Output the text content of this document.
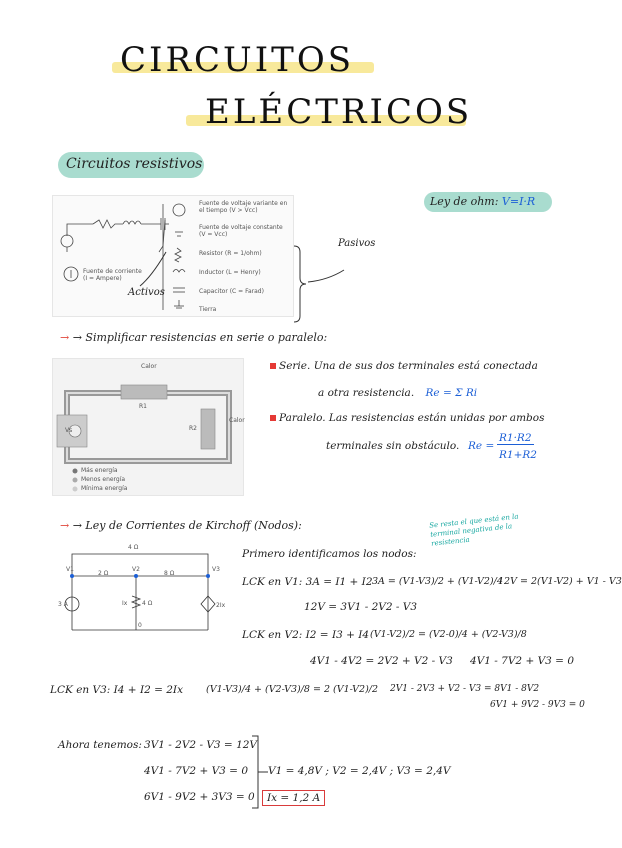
CIRCUITOS
ELÉCTRICOS
Circuitos resistivos
Ley de ohm: V=I·R
Fuente de voltaje variante en el tiempo (V > Vcc)
Fuente de voltaje constante (V = Vcc)
Resistor (R = 1/ohm)
Inductor (L = Henry)
Capacitor (C = Farad)
Tierra
Fuente de corriente (I = Ampere)
Pasivos
Activos
→ → Simplificar resistencias en serie o paralelo:
Calor
Calor
R1
R2
Vs
Más energía
Menos energía
Mínima energía
Serie. Una de sus dos terminales está conectada
a otra resistencia. Re = Σ Ri
Paralelo. Las resistencias están unidas por ambos
terminales sin obstáculo. Re =
R1·R2
R1+R2
→ → Ley de Corrientes de Kirchoff (Nodos):	Se resta el que está en la terminal negativa de la resistencia
4 Ω
2 Ω	8 Ω
4 Ω
3 A
V1	V2	V3
Ix	2Ix
0
Primero identificamos los nodos:
LCK en V1: 3A = I1 + I2 3A = (V1-V3)/2 + (V1-V2)/4
12V = 2(V1-V2) + V1 - V3
12V = 3V1 - 2V2 - V3
LCK en V2: I2 = I3 + I4 (V1-V2)/2 = (V2-0)/4 + (V2-V3)/8
4V1 - 4V2 = 2V2 + V2 - V3 4V1 - 7V2 + V3 = 0
LCK en V3: I4 + I2 = 2Ix (V1-V3)/4 + (V2-V3)/8 = 2 (V1-V2)/2 2V1 - 2V3 + V2 - V3 = 8V1 - 8V2
6V1 + 9V2 - 9V3 = 0
Ahora tenemos: 3V1 - 2V2 - V3 = 12V
4V1 - 7V2 + V3 = 0
6V1 - 9V2 + 3V3 = 0
V1 = 4,8V ; V2 = 2,4V ; V3 = 2,4V
Ix = 1,2 A
